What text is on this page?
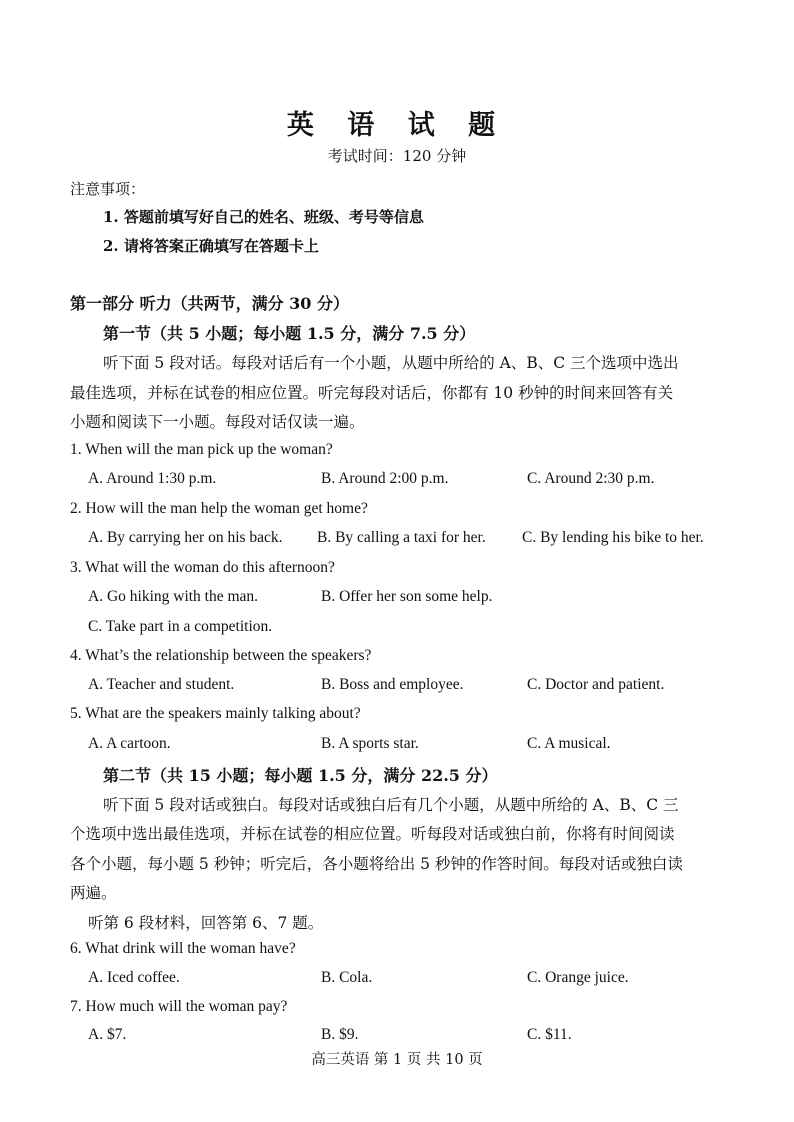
英 语 试 题
考试时间：120 分钟
注意事项：
1. 答题前填写好自己的姓名、班级、考号等信息
2. 请将答案正确填写在答题卡上
第一部分 听力（共两节，满分 30 分）
第一节（共 5 小题；每小题 1.5 分，满分 7.5 分）
听下面 5 段对话。每段对话后有一个小题，从题中所给的 A、B、C 三个选项中选出
最佳选项，并标在试卷的相应位置。听完每段对话后，你都有 10 秒钟的时间来回答有关
小题和阅读下一小题。每段对话仅读一遍。
1. When will the man pick up the woman?
A. Around 1:30 p.m.	B. Around 2:00 p.m.	C. Around 2:30 p.m.
2. How will the man help the woman get home?
A. By carrying her on his back. B. By calling a taxi for her. C. By lending his bike to her.
3. What will the woman do this afternoon?
A. Go hiking with the man.	B. Offer her son some help.
C. Take part in a competition.
4. What’s the relationship between the speakers?
A. Teacher and student.	B. Boss and employee.	C. Doctor and patient.
5. What are the speakers mainly talking about?
A. A cartoon.	B. A sports star.	C. A musical.
第二节（共 15 小题；每小题 1.5 分，满分 22.5 分）
听下面 5 段对话或独白。每段对话或独白后有几个小题，从题中所给的 A、B、C 三
个选项中选出最佳选项，并标在试卷的相应位置。听每段对话或独白前，你将有时间阅读
各个小题，每小题 5 秒钟；听完后，各小题将给出 5 秒钟的作答时间。每段对话或独白读
两遍。
听第 6 段材料，回答第 6、7 题。
6. What drink will the woman have?
A. Iced coffee.	B. Cola.	C. Orange juice.
7. How much will the woman pay?
A. $7.	B. $9.	C. $11.
高三英语 第 1 页 共 10 页
